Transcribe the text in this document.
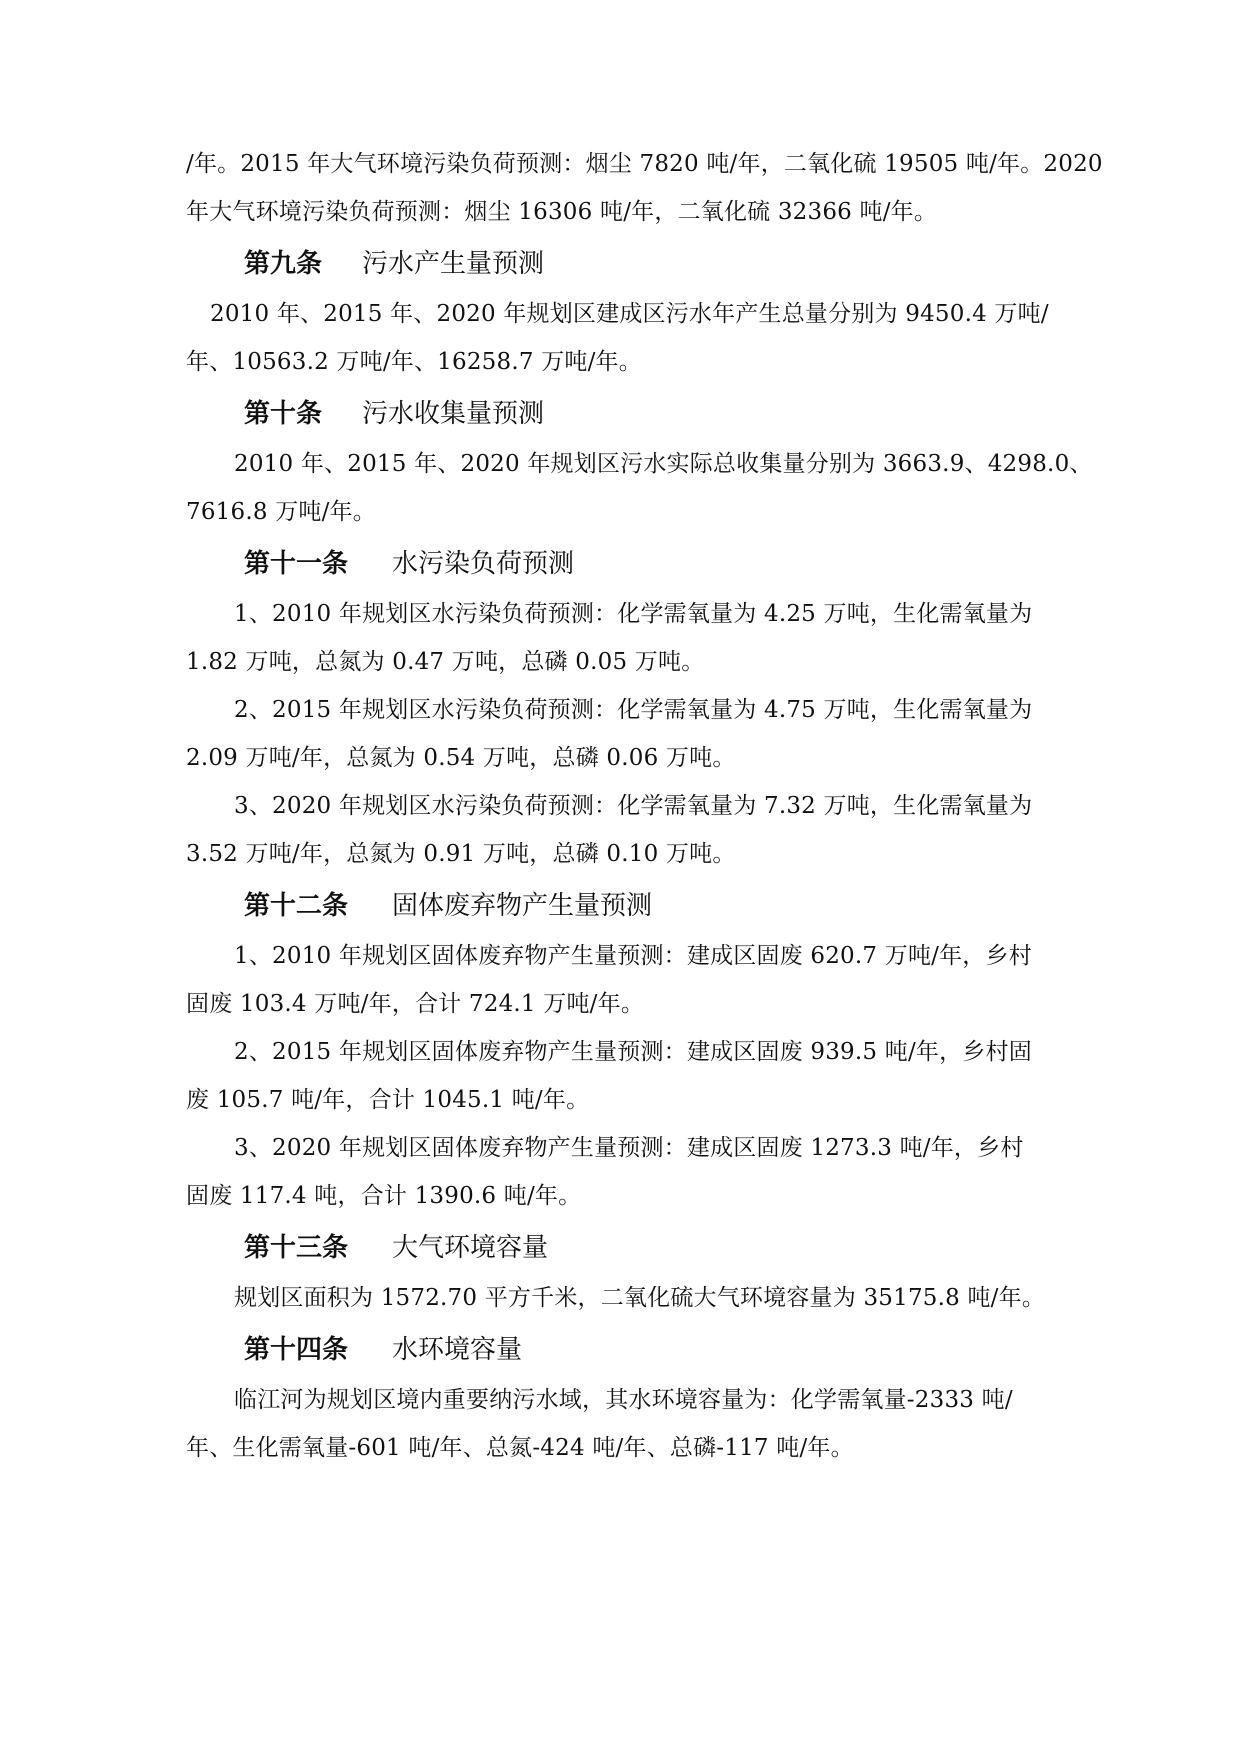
/年。2015 年大气环境污染负荷预测：烟尘 7820 吨/年，二氧化硫 19505 吨/年。2020
年大气环境污染负荷预测：烟尘 16306 吨/年，二氧化硫 32366 吨/年。

第九条 污水产生量预测

2010 年、2015 年、2020 年规划区建成区污水年产生总量分别为 9450.4 万吨/
年、10563.2 万吨/年、16258.7 万吨/年。

第十条 污水收集量预测

2010 年、2015 年、2020 年规划区污水实际总收集量分别为 3663.9、4298.0、
7616.8 万吨/年。

第十一条 水污染负荷预测

1、2010 年规划区水污染负荷预测：化学需氧量为 4.25 万吨，生化需氧量为
1.82 万吨，总氮为 0.47 万吨，总磷 0.05 万吨。

2、2015 年规划区水污染负荷预测：化学需氧量为 4.75 万吨，生化需氧量为
2.09 万吨/年，总氮为 0.54 万吨，总磷 0.06 万吨。

3、2020 年规划区水污染负荷预测：化学需氧量为 7.32 万吨，生化需氧量为
3.52 万吨/年，总氮为 0.91 万吨，总磷 0.10 万吨。

第十二条 固体废弃物产生量预测

1、2010 年规划区固体废弃物产生量预测：建成区固废 620.7 万吨/年，乡村
固废 103.4 万吨/年，合计 724.1 万吨/年。

2、2015 年规划区固体废弃物产生量预测：建成区固废 939.5 吨/年，乡村固
废 105.7 吨/年，合计 1045.1 吨/年。

3、2020 年规划区固体废弃物产生量预测：建成区固废 1273.3 吨/年，乡村
固废 117.4 吨，合计 1390.6 吨/年。

第十三条 大气环境容量

规划区面积为 1572.70 平方千米，二氧化硫大气环境容量为 35175.8 吨/年。

第十四条 水环境容量

临江河为规划区境内重要纳污水域，其水环境容量为：化学需氧量-2333 吨/
年、生化需氧量-601 吨/年、总氮-424 吨/年、总磷-117 吨/年。
